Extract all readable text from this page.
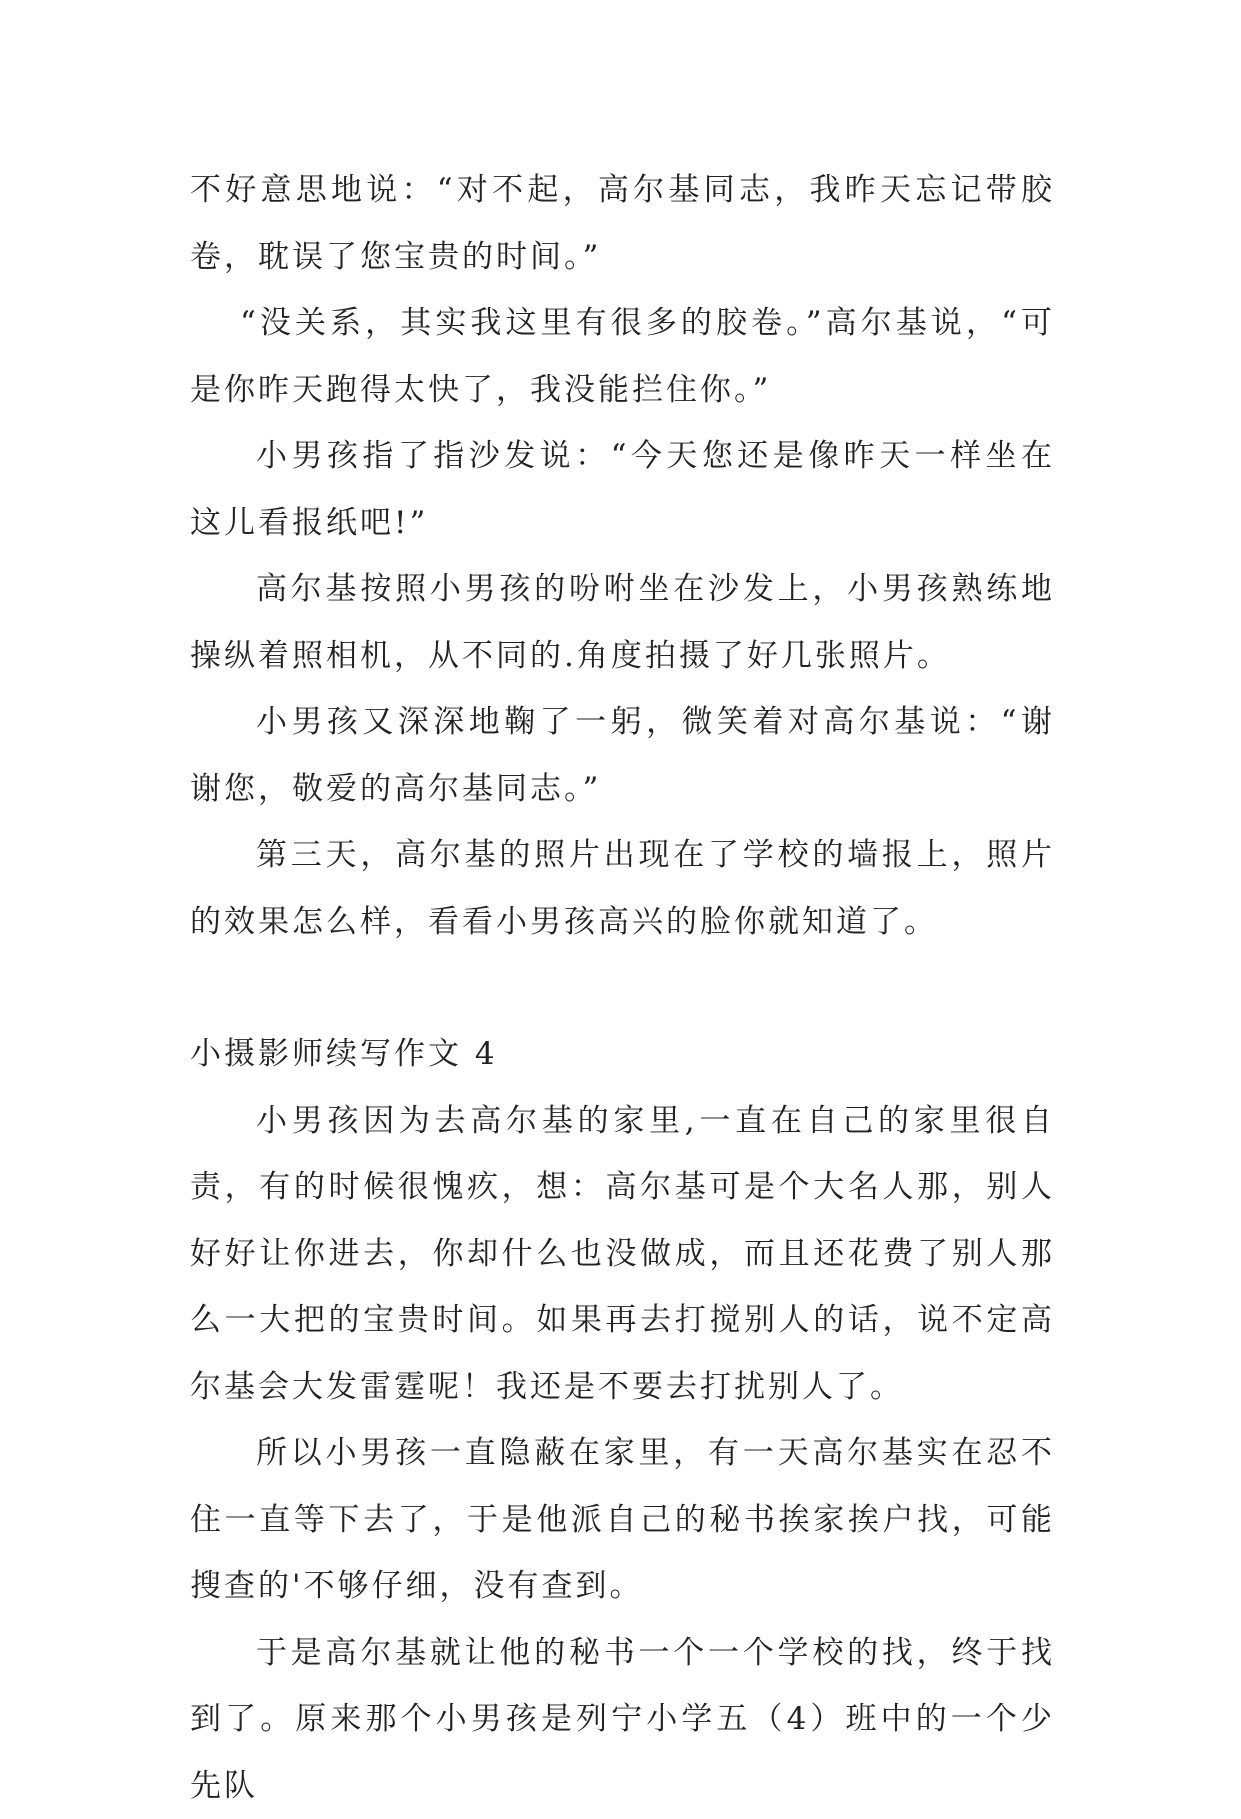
不好意思地说：“对不起，高尔基同志，我昨天忘记带胶卷，耽误了您宝贵的时间。”

“没关系，其实我这里有很多的胶卷。”高尔基说，“可是你昨天跑得太快了，我没能拦住你。”

小男孩指了指沙发说：“今天您还是像昨天一样坐在这儿看报纸吧!”

高尔基按照小男孩的吩咐坐在沙发上，小男孩熟练地操纵着照相机，从不同的.角度拍摄了好几张照片。

小男孩又深深地鞠了一躬，微笑着对高尔基说：“谢谢您，敬爱的高尔基同志。”

第三天，高尔基的照片出现在了学校的墙报上，照片的效果怎么样，看看小男孩高兴的脸你就知道了。

小摄影师续写作文 4

小男孩因为去高尔基的家里,一直在自己的家里很自责，有的时候很愧疚，想：高尔基可是个大名人那，别人好好让你进去，你却什么也没做成，而且还花费了别人那么一大把的宝贵时间。如果再去打搅别人的话，说不定高尔基会大发雷霆呢！我还是不要去打扰别人了。

所以小男孩一直隐蔽在家里，有一天高尔基实在忍不住一直等下去了，于是他派自己的秘书挨家挨户找，可能搜查的'不够仔细，没有查到。

于是高尔基就让他的秘书一个一个学校的找，终于找到了。原来那个小男孩是列宁小学五（4）班中的一个少先队
